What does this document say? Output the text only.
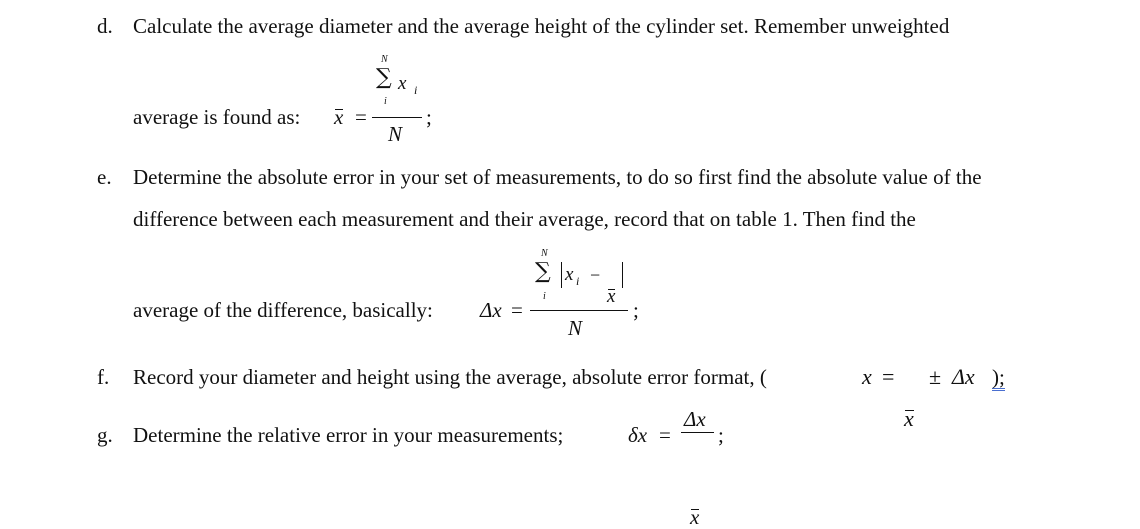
d. Calculate the average diameter and the average height of the cylinder set. Remember unweighted
average is found as:	x =
N
∑ x i
i
N
;
e. Determine the absolute error in your set of measurements, to do so first find the absolute value of the
difference between each measurement and their average, record that on table 1. Then find the
average of the difference, basically: Δx =
N
∑ x i −
x
i
N
;
f. Record your diameter and height using the average, absolute error format, (	x =
x
± Δx );
g. Determine the relative error in your measurements;	δx =
Δx
x
;
